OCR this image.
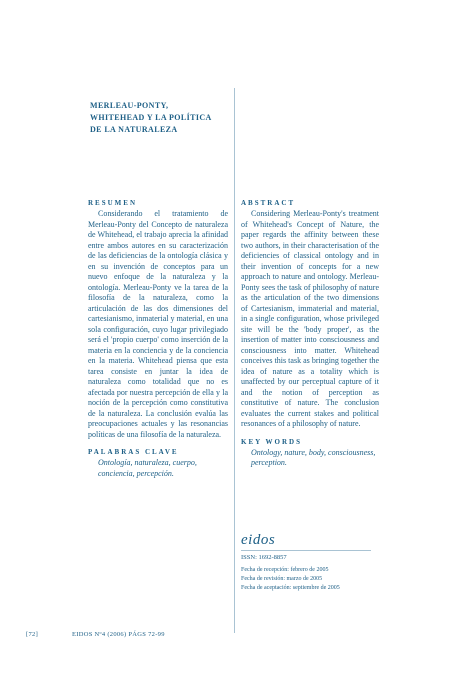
MERLEAU-PONTY,
WHITEHEAD Y LA POLÍTICA
DE LA NATURALEZA

RESUMEN

Considerando el tratamiento de Merleau-Ponty del Concepto de naturaleza de Whitehead, el trabajo aprecia la afinidad entre ambos autores en su caracterización de las deficiencias de la ontología clásica y en su invención de conceptos para un nuevo enfoque de la naturaleza y la ontología. Merleau-Ponty ve la tarea de la filosofía de la naturaleza, como la articulación de las dos dimensiones del cartesianismo, inmaterial y material, en una sola configuración, cuyo lugar privilegiado será el 'propio cuerpo' como inserción de la materia en la conciencia y de la conciencia en la materia. Whitehead piensa que esta tarea consiste en juntar la idea de naturaleza como totalidad que no es afectada por nuestra percepción de ella y la noción de la percepción como constitutiva de la naturaleza. La conclusión evalúa las preocupaciones actuales y las resonancias políticas de una filosofía de la naturaleza.

PALABRAS CLAVE

Ontología, naturaleza, cuerpo, conciencia, percepción.

ABSTRACT

Considering Merleau-Ponty's treatment of Whitehead's Concept of Nature, the paper regards the affinity between these two authors, in their characterisation of the deficiencies of classical ontology and in their invention of concepts for a new approach to nature and ontology. Merleau-Ponty sees the task of philosophy of nature as the articulation of the two dimensions of Cartesianism, immaterial and material, in a single configuration, whose privileged site will be the 'body proper', as the insertion of matter into consciousness and consciousness into matter. Whitehead conceives this task as bringing together the idea of nature as a totality which is unaffected by our perceptual capture of it and the notion of perception as constitutive of nature. The conclusion evaluates the current stakes and political resonances of a philosophy of nature.

KEY WORDS

Ontology, nature, body, consciousness, perception.

eidos

ISSN: 1692-8857

Fecha de recepción: febrero de 2005
Fecha de revisión: marzo de 2005
Fecha de aceptación: septiembre de 2005

[72]	EIDOS Nº4 (2006) PÁGS 72-99
